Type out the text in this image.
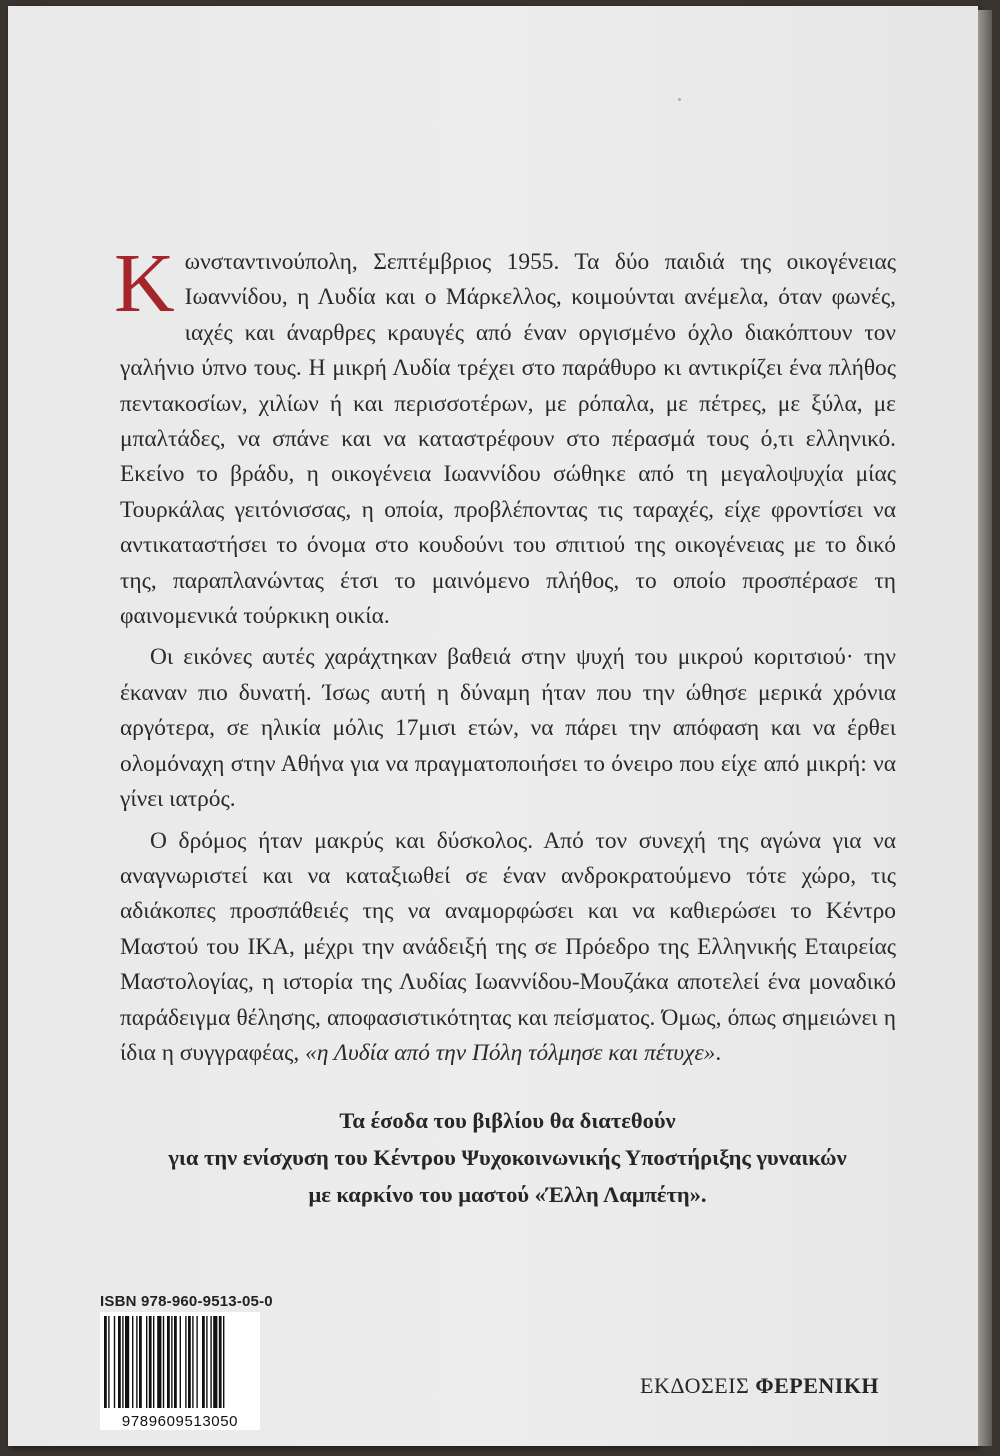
Κωνσταντινούπολη, Σεπτέμβριος 1955. Τα δύο παιδιά της οικογένειας Ιωαννίδου, η Λυδία και ο Μάρκελλος, κοιμούνται ανέμελα, όταν φωνές, ιαχές και άναρθρες κραυγές από έναν οργισμένο όχλο διακόπτουν τον γαλήνιο ύπνο τους. Η μικρή Λυδία τρέχει στο παράθυρο κι αντικρίζει ένα πλήθος πεντακοσίων, χιλίων ή και περισσοτέρων, με ρόπαλα, με πέτρες, με ξύλα, με μπαλτάδες, να σπάνε και να καταστρέφουν στο πέρασμά τους ό,τι ελληνικό. Εκείνο το βράδυ, η οικογένεια Ιωαννίδου σώθηκε από τη μεγαλοψυχία μίας Τουρκάλας γειτόνισσας, η οποία, προβλέποντας τις ταραχές, είχε φροντίσει να αντικαταστήσει το όνομα στο κουδούνι του σπιτιού της οικογένειας με το δικό της, παραπλανώντας έτσι το μαινόμενο πλήθος, το οποίο προσπέρασε τη φαινομενικά τούρκικη οικία.

Οι εικόνες αυτές χαράχτηκαν βαθειά στην ψυχή του μικρού κοριτσιού· την έκαναν πιο δυνατή. Ίσως αυτή η δύναμη ήταν που την ώθησε μερικά χρόνια αργότερα, σε ηλικία μόλις 17μισι ετών, να πάρει την απόφαση και να έρθει ολομόναχη στην Αθήνα για να πραγματοποιήσει το όνειρο που είχε από μικρή: να γίνει ιατρός.

Ο δρόμος ήταν μακρύς και δύσκολος. Από τον συνεχή της αγώνα για να αναγνωριστεί και να καταξιωθεί σε έναν ανδροκρατούμενο τότε χώρο, τις αδιάκοπες προσπάθειές της να αναμορφώσει και να καθιερώσει το Κέντρο Μαστού του ΙΚΑ, μέχρι την ανάδειξή της σε Πρόεδρο της Ελληνικής Εταιρείας Μαστολογίας, η ιστορία της Λυδίας Ιωαννίδου-Μουζάκα αποτελεί ένα μοναδικό παράδειγμα θέλησης, αποφασιστικότητας και πείσματος. Όμως, όπως σημειώνει η ίδια η συγγραφέας, «η Λυδία από την Πόλη τόλμησε και πέτυχε».

Τα έσοδα του βιβλίου θα διατεθούν
για την ενίσχυση του Κέντρου Ψυχοκοινωνικής Υποστήριξης γυναικών
με καρκίνο του μαστού «Έλλη Λαμπέτη».
ISBN 978-960-9513-05-0
9789609513050
ΕΚΔΟΣΕΙΣ ΦΕΡΕΝΙΚΗ
